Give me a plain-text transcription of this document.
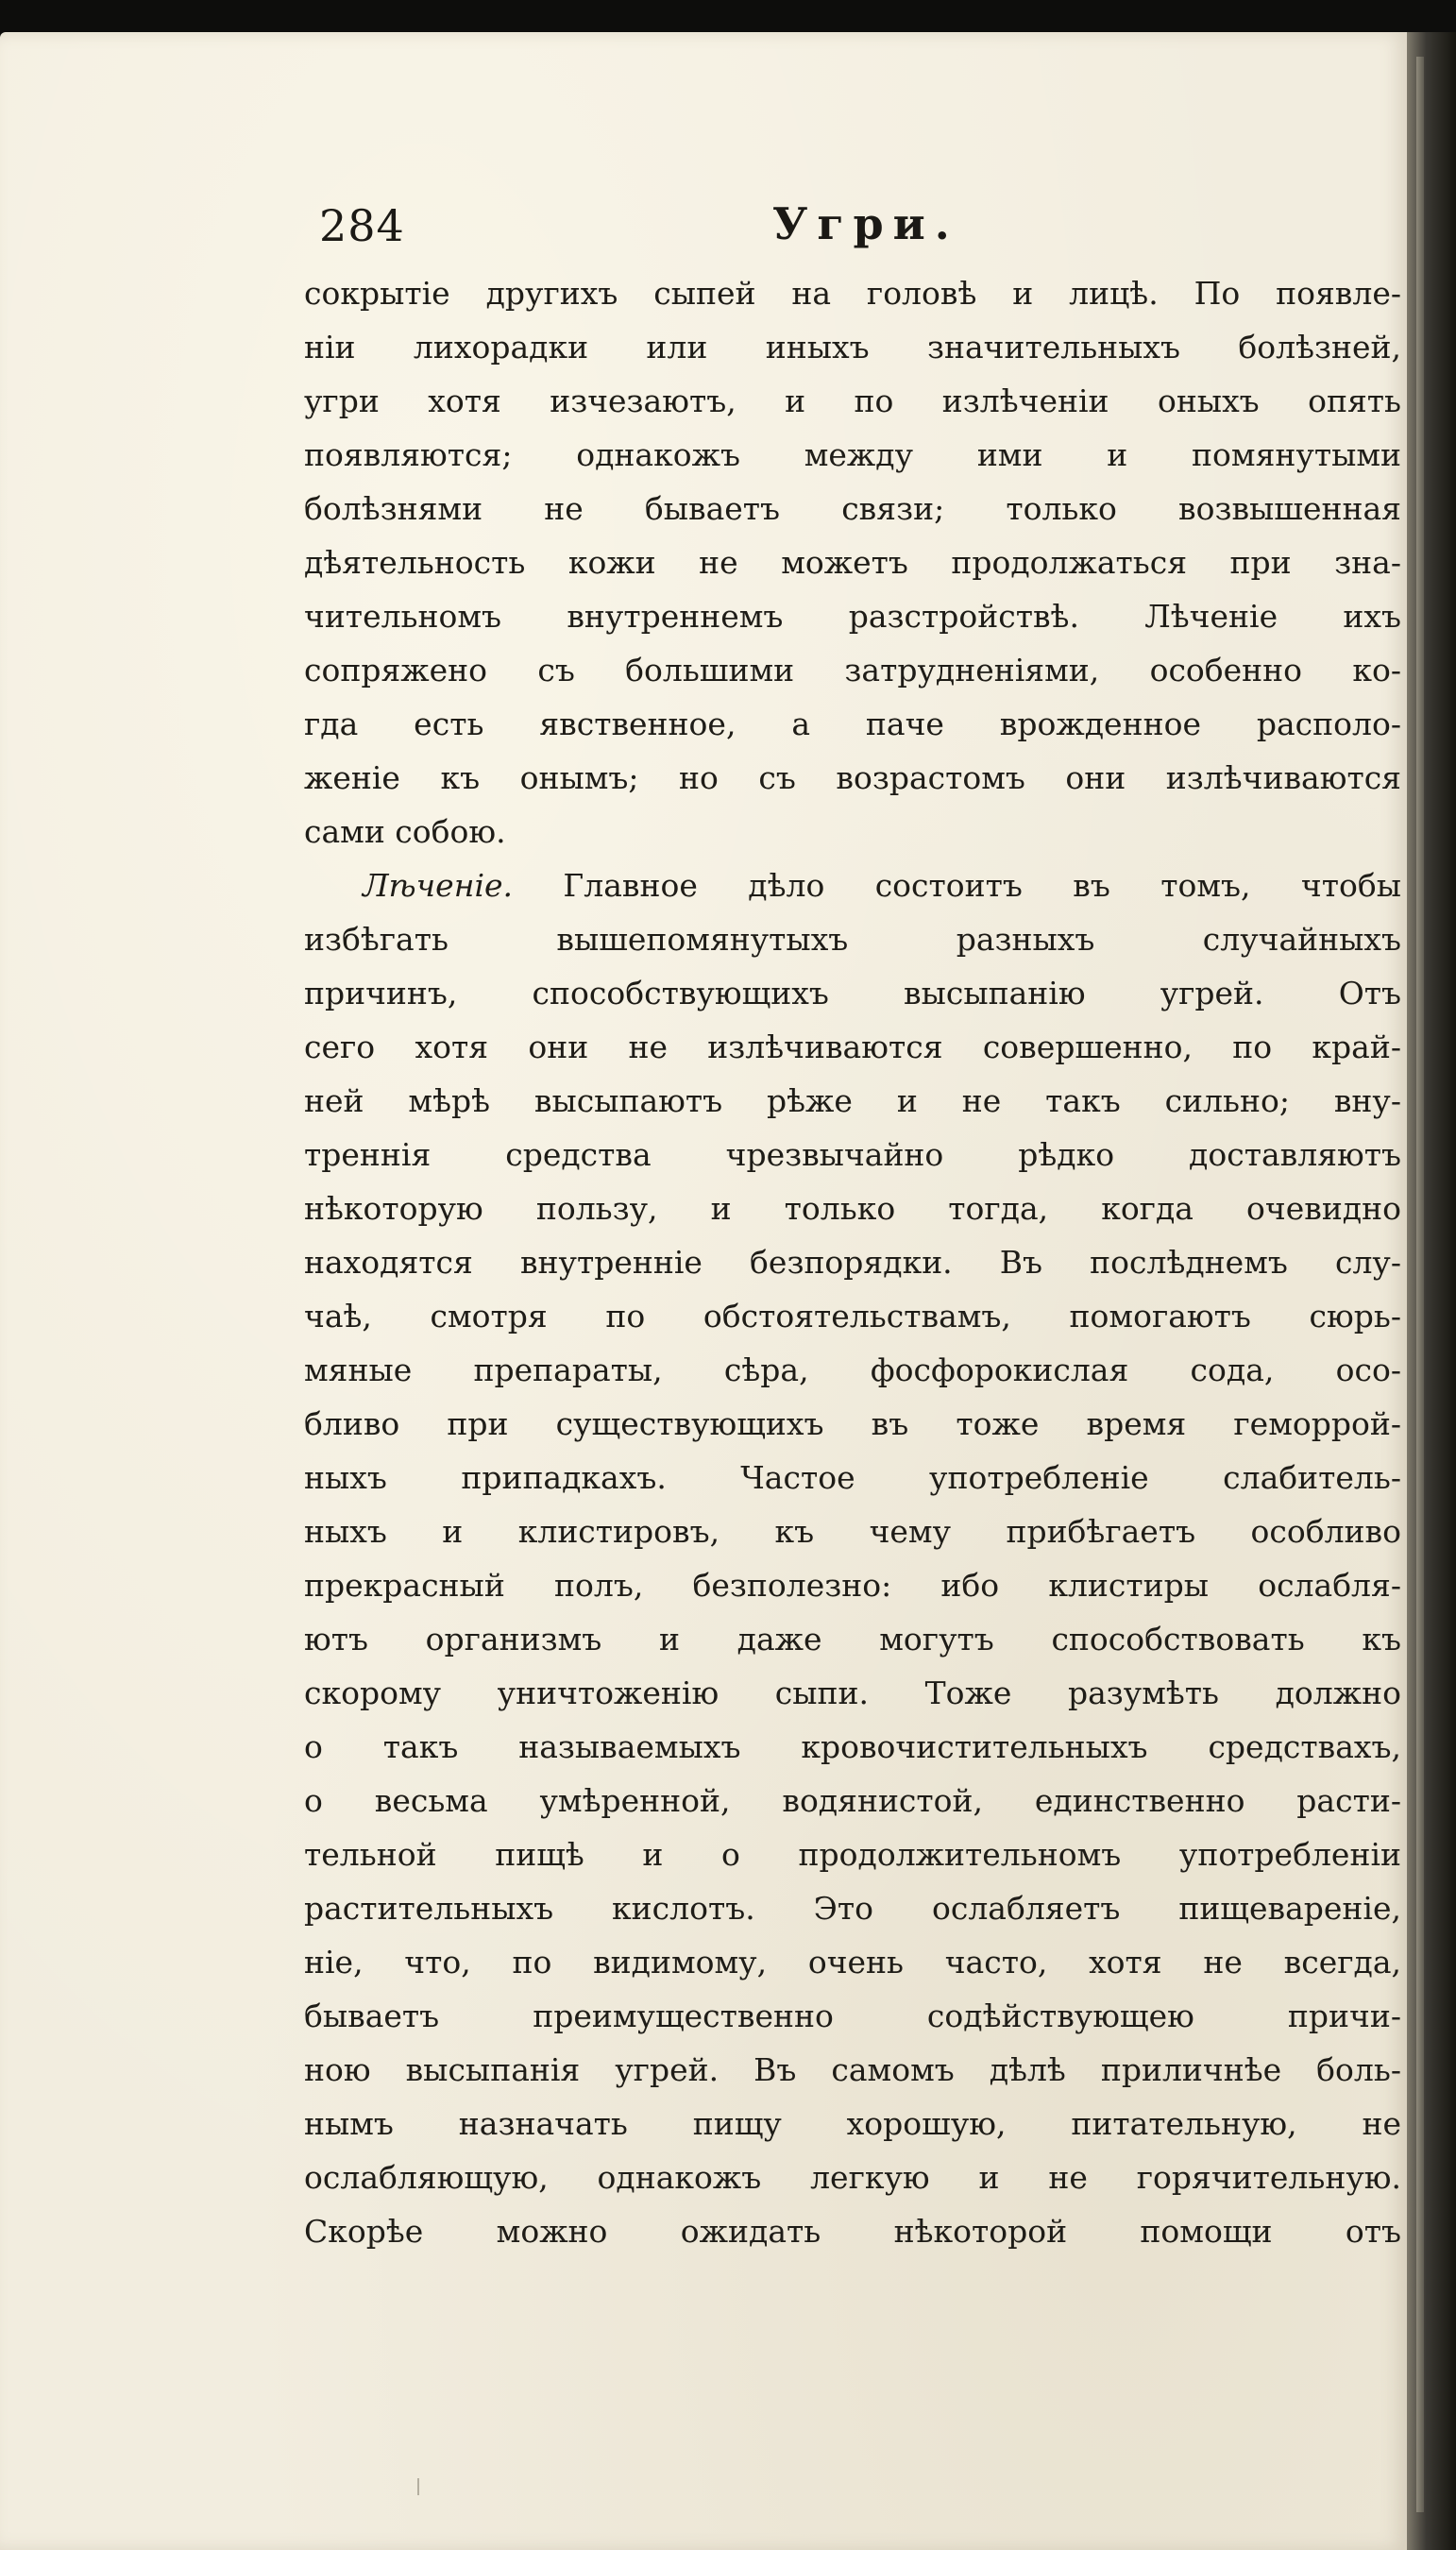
284	Угри.
сокрытіе другихъ сыпей на головѣ и лицѣ. По появле-
ніи лихорадки или иныхъ значительныхъ болѣзней,
угри хотя изчезаютъ, и по излѣченіи оныхъ опять
появляются; однакожъ между ими и помянутыми
болѣзнями не бываетъ связи; только возвышенная
дѣятельность кожи не можетъ продолжаться при зна-
чительномъ внутреннемъ разстройствѣ. Лѣченіе ихъ
сопряжено съ большими затрудненіями, особенно ко-
гда есть явственное, а паче врожденное располо-
женіе къ онымъ; но съ возрастомъ они излѣчиваются
сами собою.
Лѣченіе. Главное дѣло состоитъ въ томъ, чтобы
избѣгать вышепомянутыхъ разныхъ случайныхъ
причинъ, способствующихъ высыпанію угрей. Отъ
сего хотя они не излѣчиваются совершенно, по край-
ней мѣрѣ высыпаютъ рѣже и не такъ сильно; вну-
треннія средства чрезвычайно рѣдко доставляютъ
нѣкоторую пользу, и только тогда, когда очевидно
находятся внутренніе безпорядки. Въ послѣднемъ слу-
чаѣ, смотря по обстоятельствамъ, помогаютъ сюрь-
мяные препараты, сѣра, фосфорокислая сода, осо-
бливо при существующихъ въ тоже время геморрой-
ныхъ припадкахъ. Частое употребленіе слабитель-
ныхъ и клистировъ, къ чему прибѣгаетъ особливо
прекрасный полъ, безполезно: ибо клистиры ослабля-
ютъ организмъ и даже могутъ способствовать къ
скорому уничтоженію сыпи. Тоже разумѣть должно
о такъ называемыхъ кровочистительныхъ средствахъ,
о весьма умѣренной, водянистой, единственно расти-
тельной пищѣ и о продолжительномъ употребленіи
растительныхъ кислотъ. Это ослабляетъ пищевареніе,
ніе, что, по видимому, очень часто, хотя не всегда,
бываетъ преимущественно содѣйствующею причи-
ною высыпанія угрей. Въ самомъ дѣлѣ приличнѣе боль-
нымъ назначать пищу хорошую, питательную, не
ослабляющую, однакожъ легкую и не горячительную.
Скорѣе можно ожидать нѣкоторой помощи отъ
